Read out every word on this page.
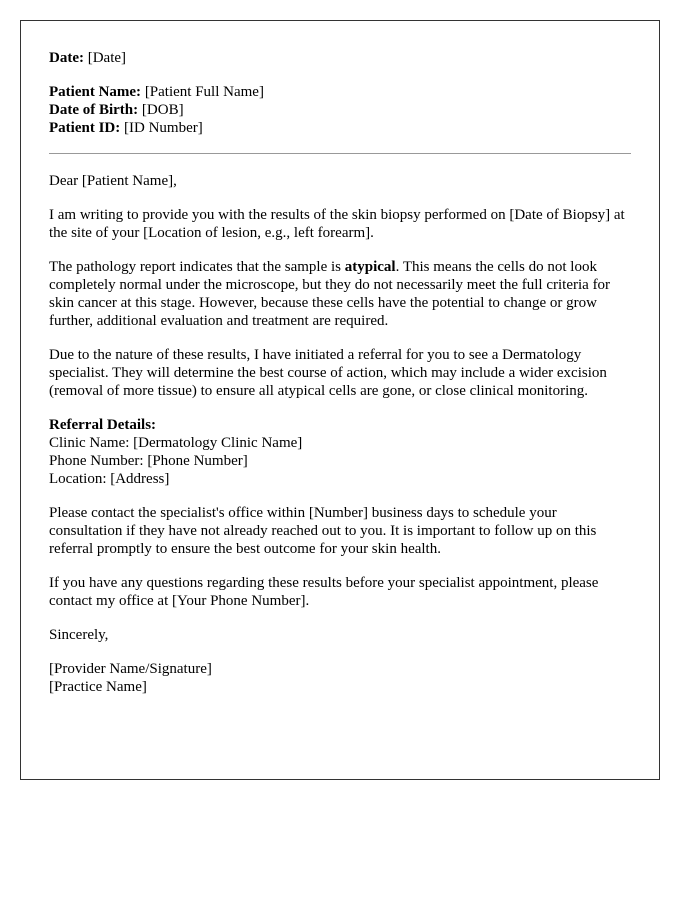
Date: [Date]
Patient Name: [Patient Full Name]
Date of Birth: [DOB]
Patient ID: [ID Number]

Dear [Patient Name],

I am writing to provide you with the results of the skin biopsy performed on [Date of Biopsy] at the site of your [Location of lesion, e.g., left forearm].

The pathology report indicates that the sample is atypical. This means the cells do not look completely normal under the microscope, but they do not necessarily meet the full criteria for skin cancer at this stage. However, because these cells have the potential to change or grow further, additional evaluation and treatment are required.

Due to the nature of these results, I have initiated a referral for you to see a Dermatology specialist. They will determine the best course of action, which may include a wider excision (removal of more tissue) to ensure all atypical cells are gone, or close clinical monitoring.

Referral Details:
Clinic Name: [Dermatology Clinic Name]
Phone Number: [Phone Number]
Location: [Address]

Please contact the specialist's office within [Number] business days to schedule your consultation if they have not already reached out to you. It is important to follow up on this referral promptly to ensure the best outcome for your skin health.

If you have any questions regarding these results before your specialist appointment, please contact my office at [Your Phone Number].

Sincerely,

[Provider Name/Signature]
[Practice Name]
